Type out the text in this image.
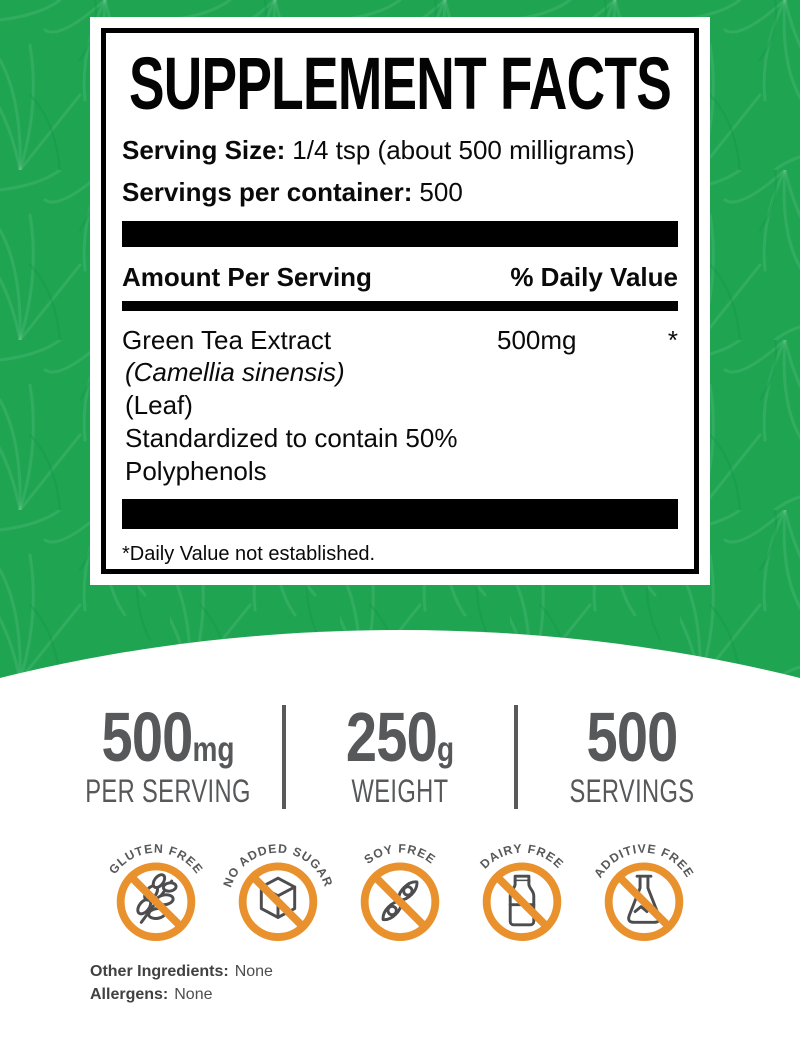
SUPPLEMENT FACTS
Serving Size: 1/4 tsp (about 500 milligrams)
Servings per container: 500
Amount Per Serving	% Daily Value
Green Tea Extract	500mg	*
(Camellia sinensis)
(Leaf)
Standardized to contain 50%
Polyphenols
*Daily Value not established.
500mg
PER SERVING
250g
WEIGHT
500
SERVINGS
GLUTEN FREE
NO ADDED SUGAR
SOY FREE	DAIRY FREE
ADDITIVE FREE
Other Ingredients: None
Allergens: None
